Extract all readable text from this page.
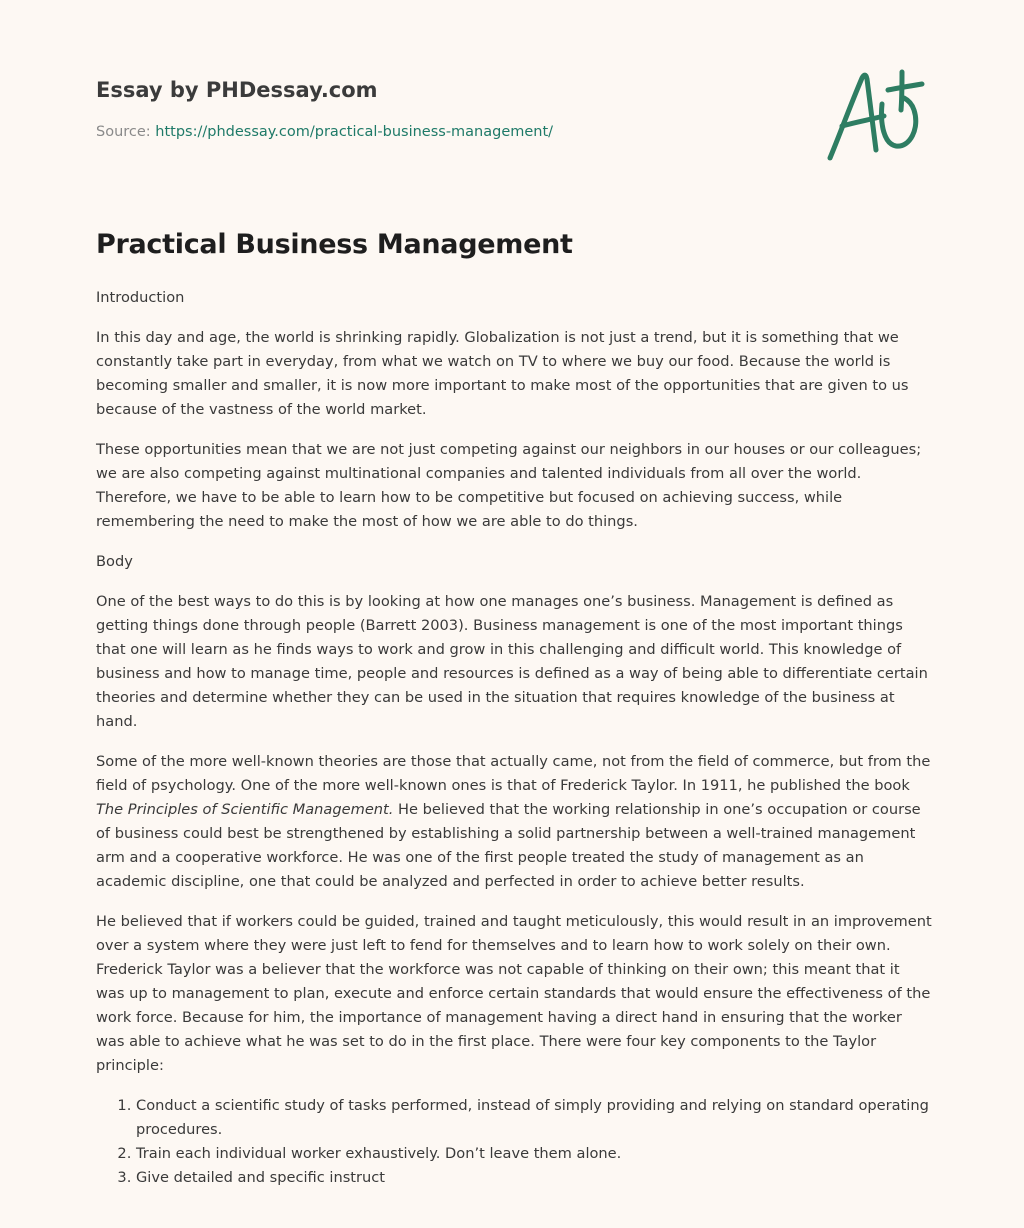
Essay by PHDessay.com
Source: https://phdessay.com/practical-business-management/
Practical Business Management

Introduction

In this day and age, the world is shrinking rapidly. Globalization is not just a trend, but it is something that we constantly take part in everyday, from what we watch on TV to where we buy our food. Because the world is becoming smaller and smaller, it is now more important to make most of the opportunities that are given to us because of the vastness of the world market.

These opportunities mean that we are not just competing against our neighbors in our houses or our colleagues; we are also competing against multinational companies and talented individuals from all over the world. Therefore, we have to be able to learn how to be competitive but focused on achieving success, while remembering the need to make the most of how we are able to do things.

Body

One of the best ways to do this is by looking at how one manages one’s business. Management is defined as getting things done through people (Barrett 2003). Business management is one of the most important things that one will learn as he finds ways to work and grow in this challenging and difficult world. This knowledge of business and how to manage time, people and resources is defined as a way of being able to differentiate certain theories and determine whether they can be used in the situation that requires knowledge of the business at hand.

Some of the more well-known theories are those that actually came, not from the field of commerce, but from the field of psychology. One of the more well-known ones is that of Frederick Taylor. In 1911, he published the book The Principles of Scientific Management. He believed that the working relationship in one’s occupation or course of business could best be strengthened by establishing a solid partnership between a well-trained management arm and a cooperative workforce. He was one of the first people treated the study of management as an academic discipline, one that could be analyzed and perfected in order to achieve better results.

He believed that if workers could be guided, trained and taught meticulously, this would result in an improvement over a system where they were just left to fend for themselves and to learn how to work solely on their own. Frederick Taylor was a believer that the workforce was not capable of thinking on their own; this meant that it was up to management to plan, execute and enforce certain standards that would ensure the effectiveness of the work force. Because for him, the importance of management having a direct hand in ensuring that the worker was able to achieve what he was set to do in the first place. There were four key components to the Taylor principle:

1. Conduct a scientific study of tasks performed, instead of simply providing and relying on standard operating procedures.
2. Train each individual worker exhaustively. Don’t leave them alone.
3. Give detailed and specific instruct
